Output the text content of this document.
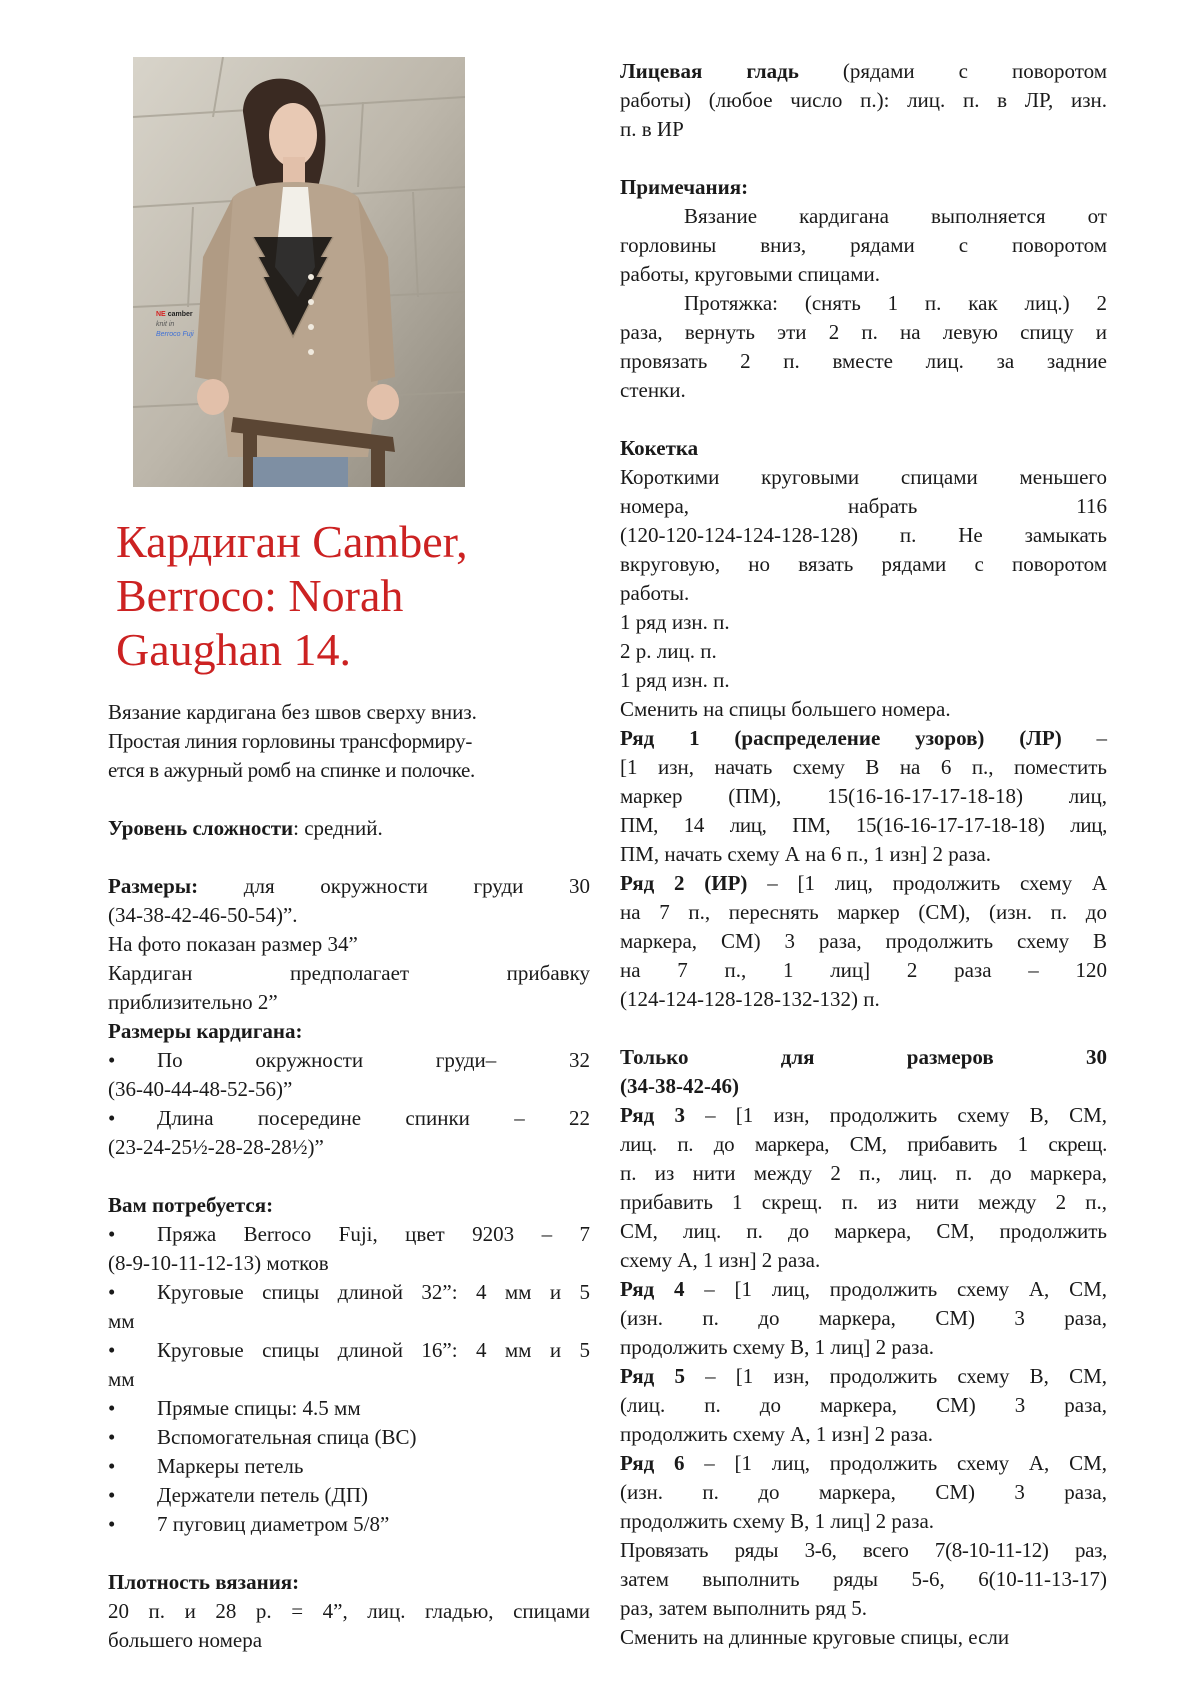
NE camber
knit in
Berroco Fuji
Кардиган Camber,
Berroco: Norah
Gaughan 14.

Вязание кардигана без швов сверху вниз.

Простая линия горловины трансформиру-

ется в ажурный ромб на спинке и полочке.

Уровень сложности: средний.

Размеры: для окружности груди 30

(34-38-42-46-50-54)”.

На фото показан размер 34”

Кардиган предполагает прибавку

приблизительно 2”

Размеры кардигана:

•	По окружности груди– 32

(36-40-44-48-52-56)”

•	Длина посередине спинки – 22

(23-24-25½-28-28-28½)”

Вам потребуется:

•	Пряжа Berroco Fuji, цвет 9203 – 7

(8-9-10-11-12-13) мотков

•	Круговые спицы длиной 32”: 4 мм и 5

мм

•	Круговые спицы длиной 16”: 4 мм и 5

мм

•	Прямые спицы: 4.5 мм
•	Вспомогательная спица (ВС)
•	Маркеры петель
•	Держатели петель (ДП)
•	7 пуговиц диаметром 5/8”

Плотность вязания:

20 п. и 28 р. = 4”, лиц. гладью, спицами

большего номера

Лицевая гладь (рядами с поворотом

работы) (любое число п.): лиц. п. в ЛР, изн.

п. в ИР

Примечания:

Вязание кардигана выполняется от

горловины вниз, рядами с поворотом

работы, круговыми спицами.

Протяжка: (снять 1 п. как лиц.) 2

раза, вернуть эти 2 п. на левую спицу и

провязать 2 п. вместе лиц. за задние

стенки.

Кокетка

Короткими круговыми спицами меньшего

номера, набрать 116

(120-120-124-124-128-128) п. Не замыкать

вкруговую, но вязать рядами с поворотом

работы.

1 ряд изн. п.

2 р. лиц. п.

1 ряд изн. п.

Сменить на спицы большего номера.

Ряд 1 (распределение узоров) (ЛР) –

[1 изн, начать схему В на 6 п., поместить

маркер (ПМ), 15(16-16-17-17-18-18) лиц,

ПМ, 14 лиц, ПМ, 15(16-16-17-17-18-18) лиц,

ПМ, начать схему А на 6 п., 1 изн] 2 раза.

Ряд 2 (ИР) – [1 лиц, продолжить схему А

на 7 п., переснять маркер (СМ), (изн. п. до

маркера, СМ) 3 раза, продолжить схему В

на 7 п., 1 лиц] 2 раза – 120

(124-124-128-128-132-132) п.

Только	для	размеров	30

(34-38-42-46)

Ряд 3 – [1 изн, продолжить схему В, СМ,

лиц. п. до маркера, СМ, прибавить 1 скрещ.

п. из нити между 2 п., лиц. п. до маркера,

прибавить 1 скрещ. п. из нити между 2 п.,

СМ, лиц. п. до маркера, СМ, продолжить

схему А, 1 изн] 2 раза.

Ряд 4 – [1 лиц, продолжить схему А, СМ,

(изн. п. до маркера, СМ) 3 раза,

продолжить схему В, 1 лиц] 2 раза.

Ряд 5 – [1 изн, продолжить схему В, СМ,

(лиц. п. до маркера, СМ) 3 раза,

продолжить схему А, 1 изн] 2 раза.

Ряд 6 – [1 лиц, продолжить схему А, СМ,

(изн. п. до маркера, СМ) 3 раза,

продолжить схему В, 1 лиц] 2 раза.

Провязать ряды 3-6, всего 7(8-10-11-12) раз,

затем выполнить ряды 5-6, 6(10-11-13-17)

раз, затем выполнить ряд 5.

Сменить на длинные круговые спицы, если
